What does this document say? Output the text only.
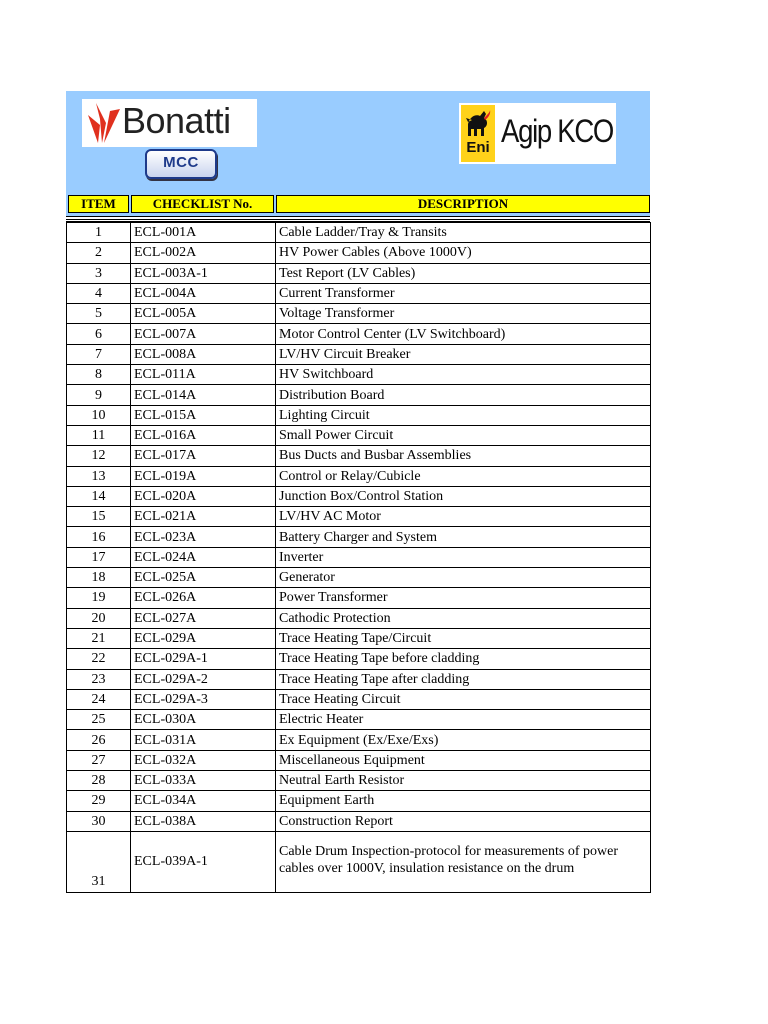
Bonatti
MCC
Eni Agip KCO
ITEM	CHECKLIST No.	DESCRIPTION
1	ECL-001A	Cable Ladder/Tray & Transits
2	ECL-002A	HV Power Cables (Above 1000V)
3	ECL-003A-1	Test Report (LV Cables)
4	ECL-004A	Current Transformer
5	ECL-005A	Voltage Transformer
6	ECL-007A	Motor Control Center (LV Switchboard)
7	ECL-008A	LV/HV Circuit Breaker
8	ECL-011A	HV Switchboard
9	ECL-014A	Distribution Board
10	ECL-015A	Lighting Circuit
11	ECL-016A	Small Power Circuit
12	ECL-017A	Bus Ducts and Busbar Assemblies
13	ECL-019A	Control or Relay/Cubicle
14	ECL-020A	Junction Box/Control Station
15	ECL-021A	LV/HV AC Motor
16	ECL-023A	Battery Charger and System
17	ECL-024A	Inverter
18	ECL-025A	Generator
19	ECL-026A	Power Transformer
20	ECL-027A	Cathodic Protection
21	ECL-029A	Trace Heating Tape/Circuit
22	ECL-029A-1	Trace Heating Tape before cladding
23	ECL-029A-2	Trace Heating Tape after cladding
24	ECL-029A-3	Trace Heating Circuit
25	ECL-030A	Electric Heater
26	ECL-031A	Ex Equipment (Ex/Exe/Exs)
27	ECL-032A	Miscellaneous Equipment
28	ECL-033A	Neutral Earth Resistor
29	ECL-034A	Equipment Earth
30	ECL-038A	Construction Report
31	ECL-039A-1	Cable Drum Inspection-protocol for measurements of power cables over 1000V, insulation resistance on the drum
